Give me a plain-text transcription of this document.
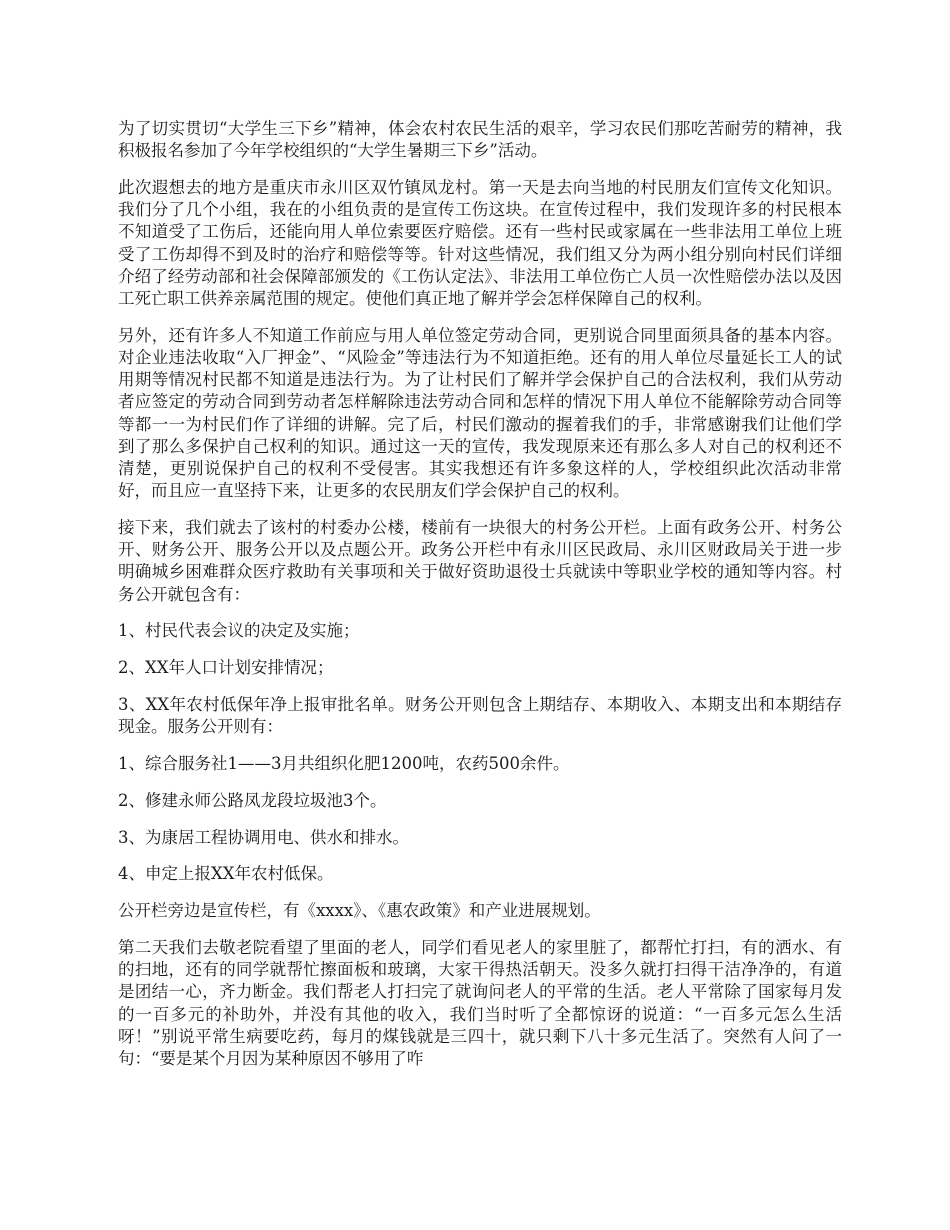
为了切实贯切“大学生三下乡”精神，体会农村农民生活的艰辛，学习农民们那吃苦耐劳的精神，我积极报名参加了今年学校组织的“大学生暑期三下乡”活动。

此次遐想去的地方是重庆市永川区双竹镇凤龙村。第一天是去向当地的村民朋友们宣传文化知识。我们分了几个小组，我在的小组负责的是宣传工伤这块。在宣传过程中，我们发现许多的村民根本不知道受了工伤后，还能向用人单位索要医疗赔偿。还有一些村民或家属在一些非法用工单位上班受了工伤却得不到及时的治疗和赔偿等等。针对这些情况，我们组又分为两小组分别向村民们详细介绍了经劳动部和社会保障部颁发的《工伤认定法》、非法用工单位伤亡人员一次性赔偿办法以及因工死亡职工供养亲属范围的规定。使他们真正地了解并学会怎样保障自己的权利。

另外，还有许多人不知道工作前应与用人单位签定劳动合同，更别说合同里面须具备的基本内容。对企业违法收取“入厂押金”、“风险金”等违法行为不知道拒绝。还有的用人单位尽量延长工人的试用期等情况村民都不知道是违法行为。为了让村民们了解并学会保护自己的合法权利，我们从劳动者应签定的劳动合同到劳动者怎样解除违法劳动合同和怎样的情况下用人单位不能解除劳动合同等等都一一为村民们作了详细的讲解。完了后，村民们激动的握着我们的手，非常感谢我们让他们学到了那么多保护自己权利的知识。通过这一天的宣传，我发现原来还有那么多人对自己的权利还不清楚，更别说保护自己的权利不受侵害。其实我想还有许多象这样的人，学校组织此次活动非常好，而且应一直坚持下来，让更多的农民朋友们学会保护自己的权利。

接下来，我们就去了该村的村委办公楼，楼前有一块很大的村务公开栏。上面有政务公开、村务公开、财务公开、服务公开以及点题公开。政务公开栏中有永川区民政局、永川区财政局关于进一步明确城乡困难群众医疗救助有关事项和关于做好资助退役士兵就读中等职业学校的通知等内容。村务公开就包含有：

1、村民代表会议的决定及实施；

2、XX年人口计划安排情况；

3、XX年农村低保年净上报审批名单。财务公开则包含上期结存、本期收入、本期支出和本期结存现金。服务公开则有：

1、综合服务社1——3月共组织化肥1200吨，农药500余件。

2、修建永师公路凤龙段垃圾池3个。

3、为康居工程协调用电、供水和排水。

4、申定上报XX年农村低保。

公开栏旁边是宣传栏，有《xxxx》、《惠农政策》和产业进展规划。

第二天我们去敬老院看望了里面的老人，同学们看见老人的家里脏了，都帮忙打扫，有的洒水、有的扫地，还有的同学就帮忙擦面板和玻璃，大家干得热活朝天。没多久就打扫得干洁净净的，有道是团结一心，齐力断金。我们帮老人打扫完了就询问老人的平常的生活。老人平常除了国家每月发的一百多元的补助外，并没有其他的收入，我们当时听了全都惊讶的说道：“一百多元怎么生活呀！”别说平常生病要吃药，每月的煤钱就是三四十，就只剩下八十多元生活了。突然有人问了一句：“要是某个月因为某种原因不够用了咋
